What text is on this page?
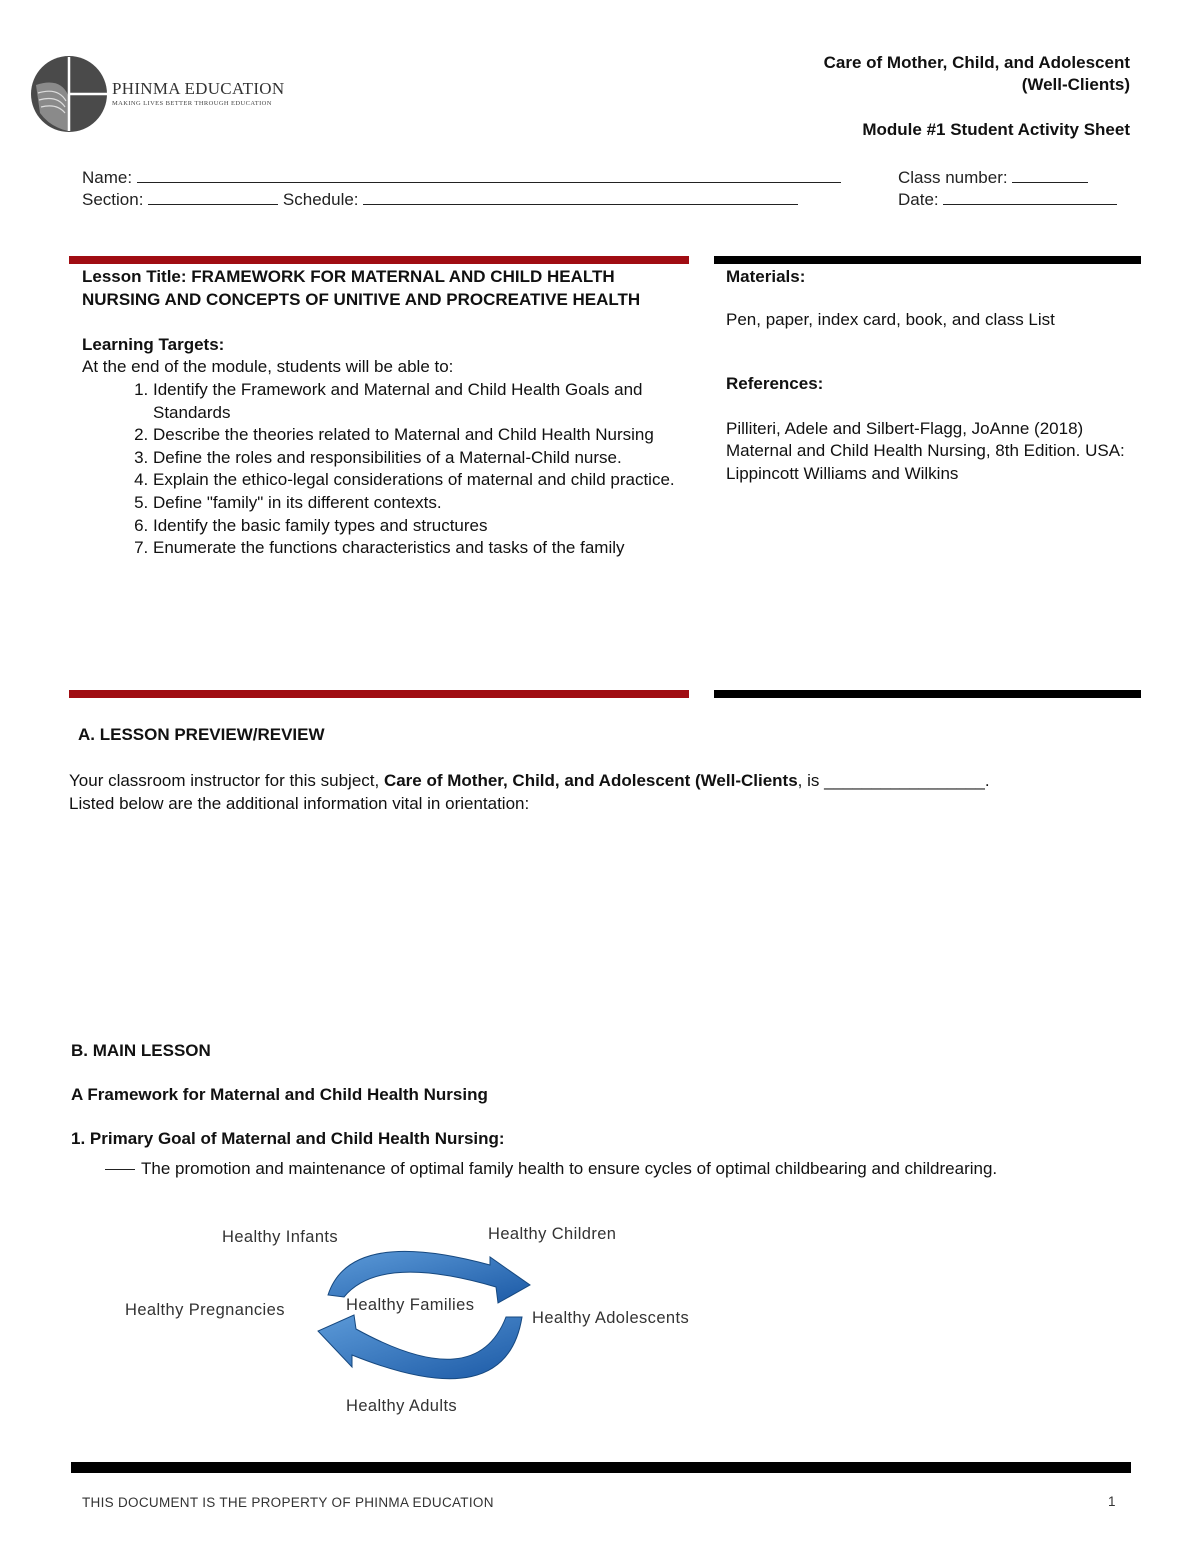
PHINMA EDUCATION
MAKING LIVES BETTER THROUGH EDUCATION
Care of Mother, Child, and Adolescent
(Well-Clients)
Module #1 Student Activity Sheet
Name:
Section:	Schedule:
Class number:
Date:
Lesson Title: FRAMEWORK FOR MATERNAL AND CHILD HEALTH NURSING AND CONCEPTS OF UNITIVE AND PROCREATIVE HEALTH
Learning Targets:
At the end of the module, students will be able to:
1. Identify the Framework and Maternal and Child Health Goals and Standards
2. Describe the theories related to Maternal and Child Health Nursing
3. Define the roles and responsibilities of a Maternal-Child nurse.
4. Explain the ethico-legal considerations of maternal and child practice.
5. Define "family" in its different contexts.
6. Identify the basic family types and structures
7. Enumerate the functions characteristics and tasks of the family
Materials:
Pen, paper, index card, book, and class List
References:
Pilliteri, Adele and Silbert-Flagg, JoAnne (2018) Maternal and Child Health Nursing, 8th Edition. USA: Lippincott Williams and Wilkins
A. LESSON PREVIEW/REVIEW
Your classroom instructor for this subject, Care of Mother, Child, and Adolescent (Well-Clients, is _________________.
Listed below are the additional information vital in orientation:
B. MAIN LESSON
A Framework for Maternal and Child Health Nursing
1. Primary Goal of Maternal and Child Health Nursing:
The promotion and maintenance of optimal family health to ensure cycles of optimal childbearing and childrearing.
Healthy Infants	Healthy Children
Healthy Pregnancies	Healthy Families
Healthy Adolescents
Healthy Adults
THIS DOCUMENT IS THE PROPERTY OF PHINMA EDUCATION	1
